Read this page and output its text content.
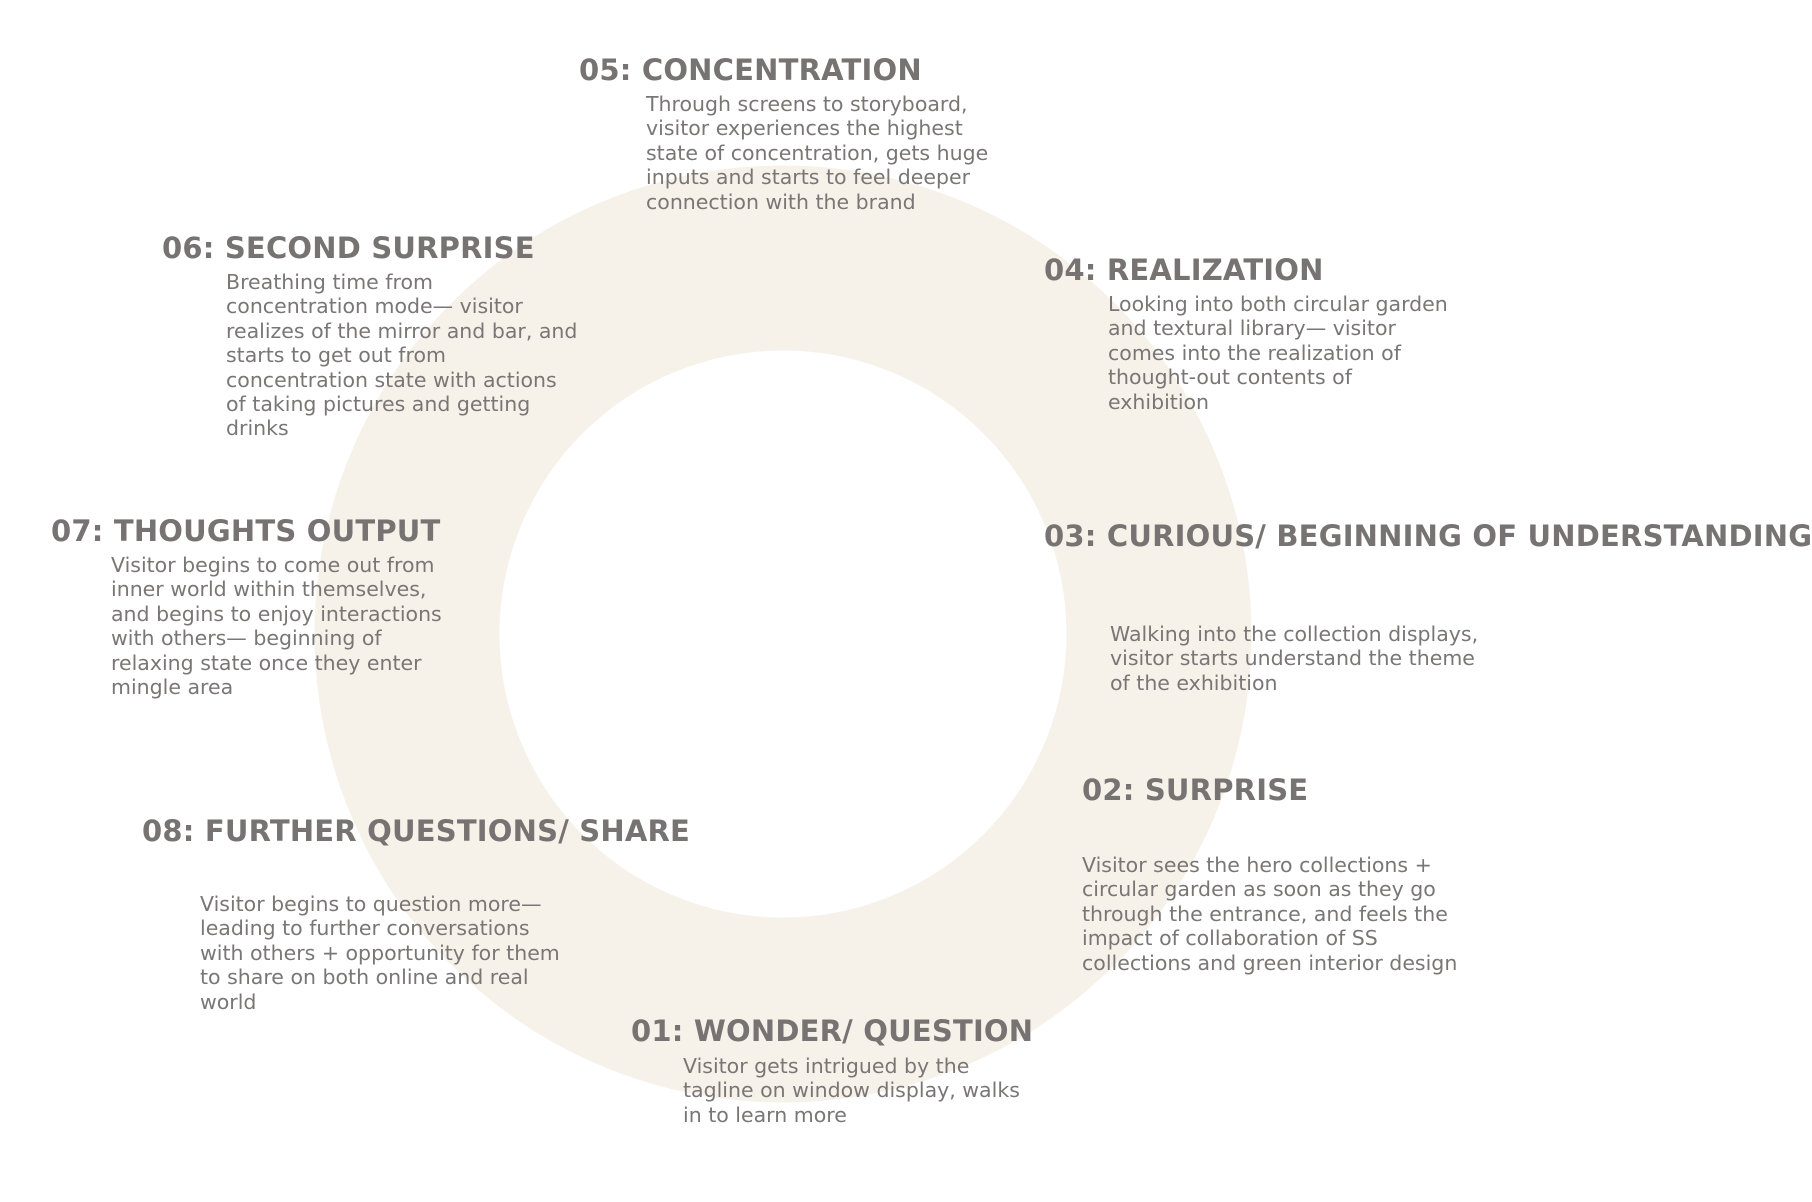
05: CONCENTRATION
Through screens to storyboard,
visitor experiences the highest
state of concentration, gets huge
inputs and starts to feel deeper
connection with the brand
06: SECOND SURPRISE
Breathing time from
concentration mode— visitor
realizes of the mirror and bar, and
starts to get out from
concentration state with actions
of taking pictures and getting
drinks
04: REALIZATION
Looking into both circular garden
and textural library— visitor
comes into the realization of
thought-out contents of
exhibition
07: THOUGHTS OUTPUT
Visitor begins to come out from
inner world within themselves,
and begins to enjoy interactions
with others— beginning of
relaxing state once they enter
mingle area
03: CURIOUS/ BEGINNING OF UNDERSTANDING
Walking into the collection displays,
visitor starts understand the theme
of the exhibition
02: SURPRISE
Visitor sees the hero collections +
circular garden as soon as they go
through the entrance, and feels the
impact of collaboration of SS
collections and green interior design
08: FURTHER QUESTIONS/ SHARE
Visitor begins to question more—
leading to further conversations
with others + opportunity for them
to share on both online and real
world
01: WONDER/ QUESTION
Visitor gets intrigued by the
tagline on window display, walks
in to learn more
